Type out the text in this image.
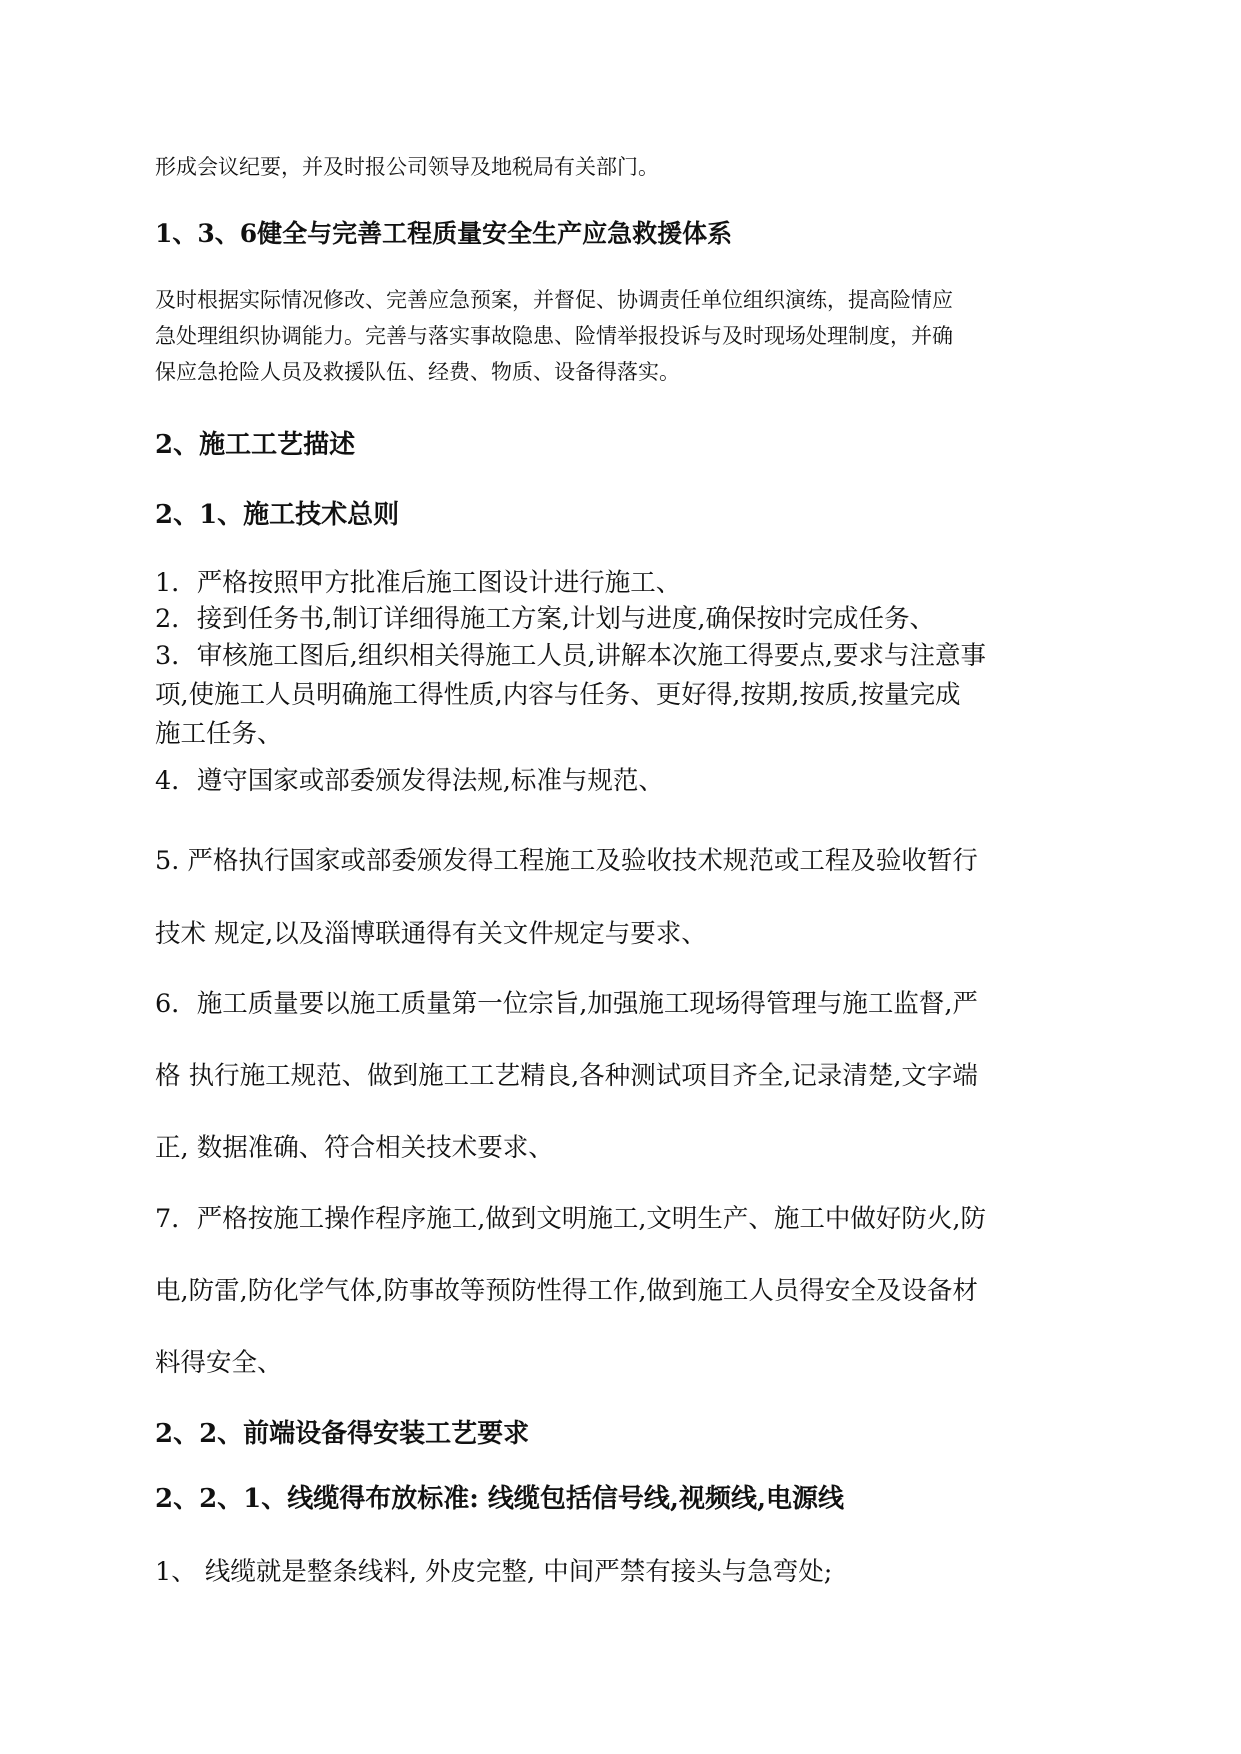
形成会议纪要，并及时报公司领导及地税局有关部门。

1、3、6健全与完善工程质量安全生产应急救援体系

及时根据实际情况修改、完善应急预案，并督促、协调责任单位组织演练，提高险情应
急处理组织协调能力。完善与落实事故隐患、险情举报投诉与及时现场处理制度，并确
保应急抢险人员及救援队伍、经费、物质、设备得落实。

2、施工工艺描述
2、1、施工技术总则

1．严格按照甲方批准后施工图设计进行施工、

2．接到任务书,制订详细得施工方案,计划与进度,确保按时完成任务、

3．审核施工图后,组织相关得施工人员,讲解本次施工得要点,要求与注意事
项,使施工人员明确施工得性质,内容与任务、更好得,按期,按质,按量完成
施工任务、

4．遵守国家或部委颁发得法规,标准与规范、

5. 严格执行国家或部委颁发得工程施工及验收技术规范或工程及验收暂行
技术 规定,以及淄博联通得有关文件规定与要求、

6．施工质量要以施工质量第一位宗旨,加强施工现场得管理与施工监督,严
格 执行施工规范、做到施工工艺精良,各种测试项目齐全,记录清楚,文字端
正, 数据准确、符合相关技术要求、

7．严格按施工操作程序施工,做到文明施工,文明生产、施工中做好防火,防
电,防雷,防化学气体,防事故等预防性得工作,做到施工人员得安全及设备材
料得安全、

2、2、前端设备得安装工艺要求
2、2、1、线缆得布放标准: 线缆包括信号线,视频线,电源线

1、 线缆就是整条线料, 外皮完整, 中间严禁有接头与急弯处;
